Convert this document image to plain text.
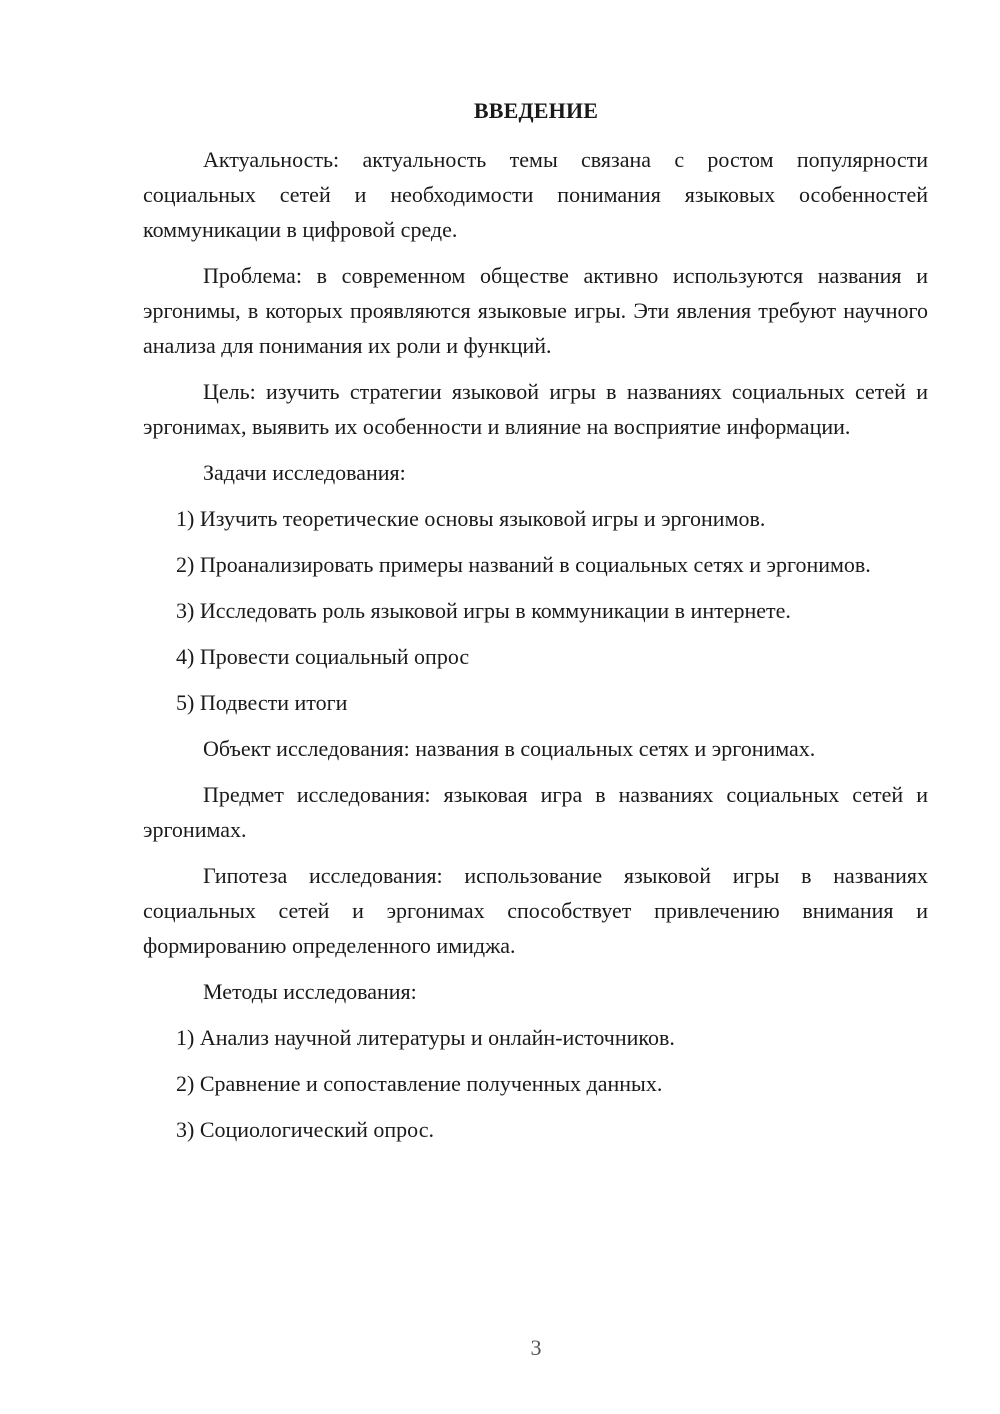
ВВЕДЕНИЕ

Актуальность: актуальность темы связана с ростом популярности социальных сетей и необходимости понимания языковых особенностей коммуникации в цифровой среде.

Проблема: в современном обществе активно используются названия и эргонимы, в которых проявляются языковые игры. Эти явления требуют научного анализа для понимания их роли и функций.

Цель: изучить стратегии языковой игры в названиях социальных сетей и эргонимах, выявить их особенности и влияние на восприятие информации.

Задачи исследования:

1) Изучить теоретические основы языковой игры и эргонимов.

2) Проанализировать примеры названий в социальных сетях и эргонимов.

3) Исследовать роль языковой игры в коммуникации в интернете.

4) Провести социальный опрос

5) Подвести итоги

Объект исследования: названия в социальных сетях и эргонимах.

Предмет исследования: языковая игра в названиях социальных сетей и эргонимах.

Гипотеза исследования: использование языковой игры в названиях социальных сетей и эргонимах способствует привлечению внимания и формированию определенного имиджа.

Методы исследования:

1) Анализ научной литературы и онлайн-источников.

2) Сравнение и сопоставление полученных данных.

3) Социологический опрос.

3
